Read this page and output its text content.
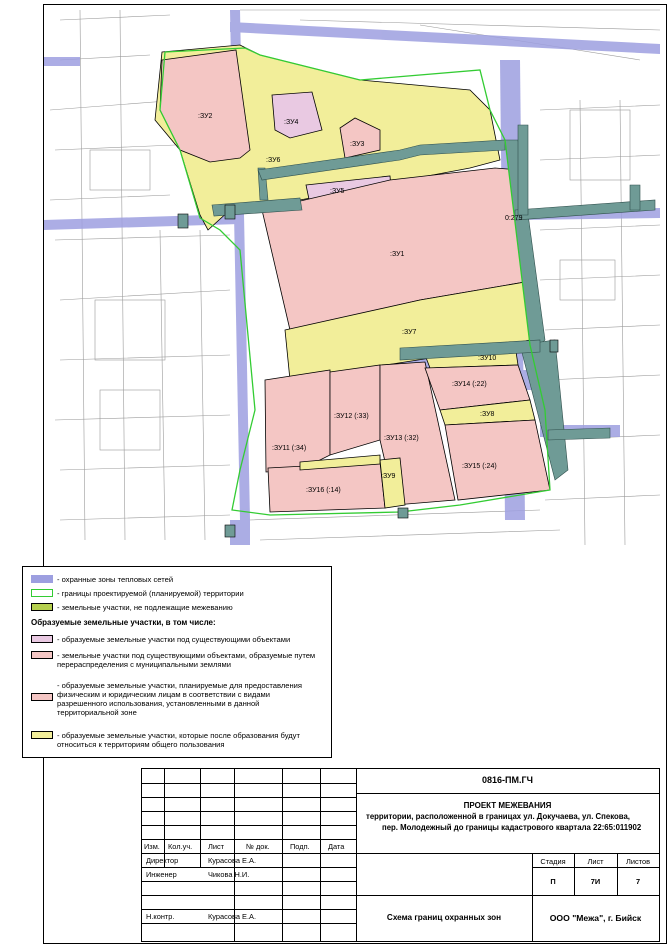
:ЗУ2
:ЗУ4
:ЗУ3
:ЗУ6
:ЗУ5
0:279
:ЗУ1
:ЗУ7
:ЗУ10
:ЗУ14 (:22)
:ЗУ12 (:33)	:ЗУ8
:ЗУ13 (:32)
:ЗУ11 (:34)
:ЗУ15 (:24)
:ЗУ9
:ЗУ16 (:14)
- охранные зоны тепловых сетей
- границы проектируемой (планируемой) территории
- земельные участки, не подлежащие межеванию
Образуемые земельные участки, в том числе:
- образуемые земельные участки под существующими объектами
- земельные участки под существующими объектами, образуемые путем перераспределения с муниципальными землями
- образуемые земельные участки, планируемые для предоставления физическим и юридическим лицам в соответствии с видами разрешенного использования, установленными в данной территориальной зоне
- образуемые земельные участки, которые после образования будут относиться к территориям общего пользования
0816-ПМ.ГЧ
ПРОЕКТ МЕЖЕВАНИЯ
территории, расположенной в границах ул. Докучаева, ул. Спекова,
пер. Молодежный до границы кадастрового квартала 22:65:011902
Изм. Кол.уч. Лист	№ док.	Подп. Дата
Директор	Курасова Е.А.
Инженер	Чикова Н.И.
Н.контр.	Курасова Е.А.
Стадия	Лист	Листов
П	7И	7
Схема границ охранных зон	ООО "Межа", г. Бийск
